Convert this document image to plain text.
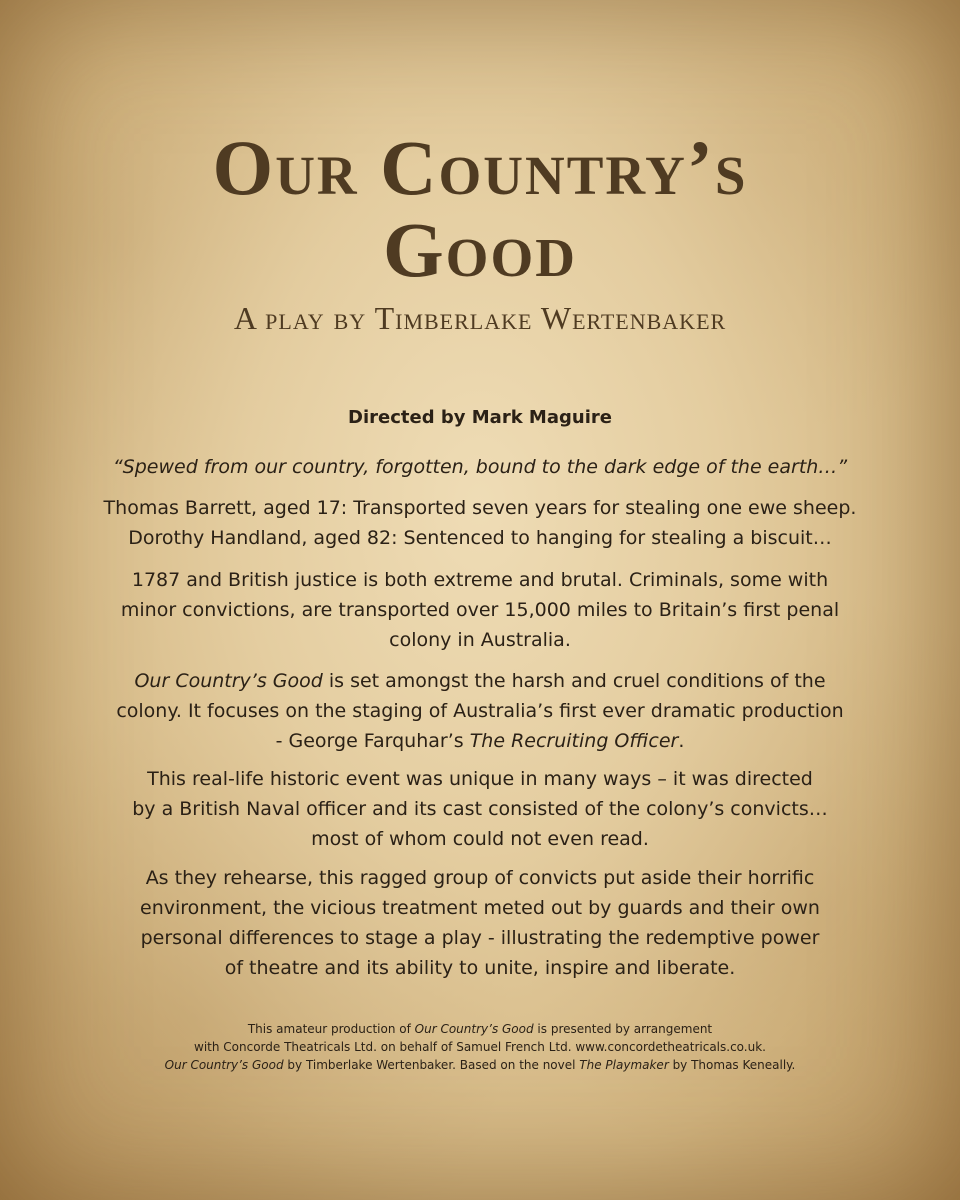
Our Country’s
Good
A play by Timberlake Wertenbaker
Directed by Mark Maguire
“Spewed from our country, forgotten, bound to the dark edge of the earth…”
Thomas Barrett, aged 17: Transported seven years for stealing one ewe sheep.
Dorothy Handland, aged 82: Sentenced to hanging for stealing a biscuit…
1787 and British justice is both extreme and brutal. Criminals, some with
minor convictions, are transported over 15,000 miles to Britain’s first penal
colony in Australia.
Our Country’s Good is set amongst the harsh and cruel conditions of the
colony. It focuses on the staging of Australia’s first ever dramatic production
- George Farquhar’s The Recruiting Officer.
This real-life historic event was unique in many ways – it was directed
by a British Naval officer and its cast consisted of the colony’s convicts…
most of whom could not even read.
As they rehearse, this ragged group of convicts put aside their horrific
environment, the vicious treatment meted out by guards and their own
personal differences to stage a play - illustrating the redemptive power
of theatre and its ability to unite, inspire and liberate.
This amateur production of Our Country’s Good is presented by arrangement
with Concorde Theatricals Ltd. on behalf of Samuel French Ltd. www.concordetheatricals.co.uk.
Our Country’s Good by Timberlake Wertenbaker. Based on the novel The Playmaker by Thomas Keneally.
